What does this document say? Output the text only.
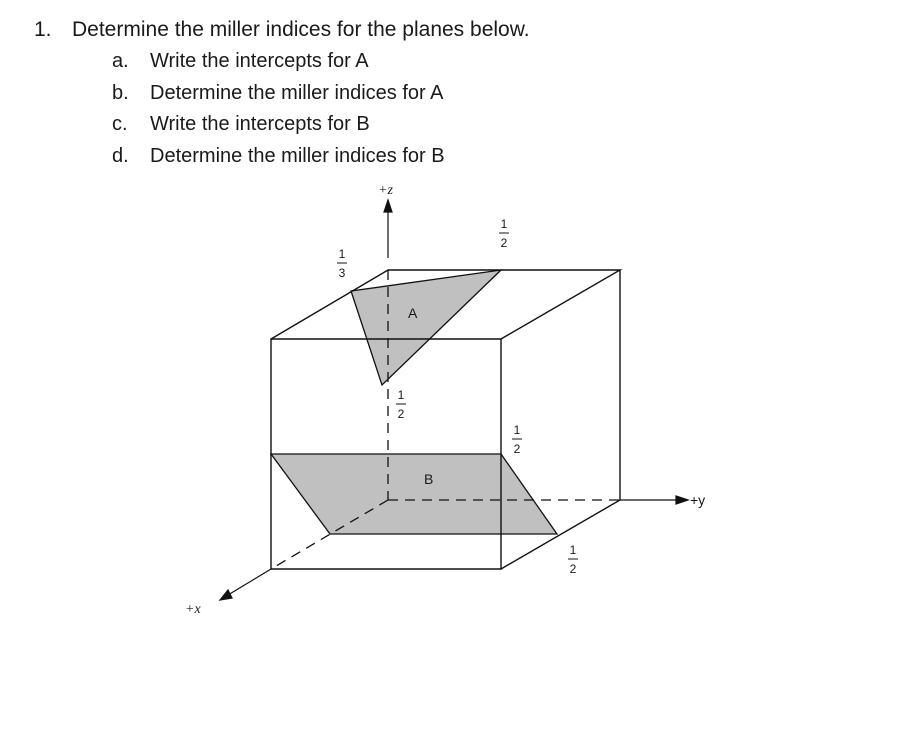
1. Determine the miller indices for the planes below.
a. Write the intercepts for A
b. Determine the miller indices for A
c. Write the intercepts for B
d. Determine the miller indices for B
+z
+y
+x
A
B
1
3
1
2
1
2
1
2
1
2
